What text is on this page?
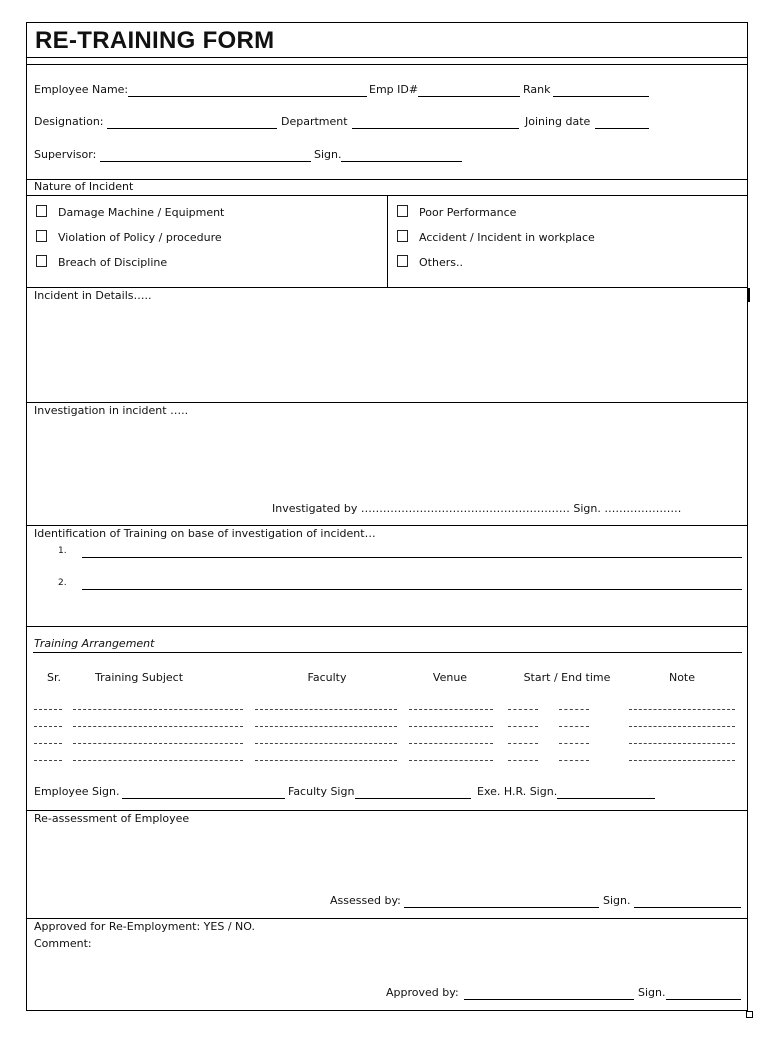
RE-TRAINING FORM
Employee Name:	Emp ID#	Rank
Designation:	Department	Joining date
Supervisor:	Sign.
Nature of Incident
Damage Machine / Equipment
Violation of Policy / procedure
Breach of Discipline
Poor Performance
Accident / Incident in workplace
Others..
Incident in Details…..
Investigation in incident …..
Investigated by ………………………………………………… Sign. …………………
Identification of Training on base of investigation of incident…
1.
2.
Training Arrangement
Sr.	Training Subject	Faculty	Venue	Start / End time	Note
Employee Sign.	Faculty Sign	Exe. H.R. Sign.
Re-assessment of Employee
Assessed by:	Sign.
Approved for Re-Employment: YES / NO.
Comment:
Approved by:	Sign.
